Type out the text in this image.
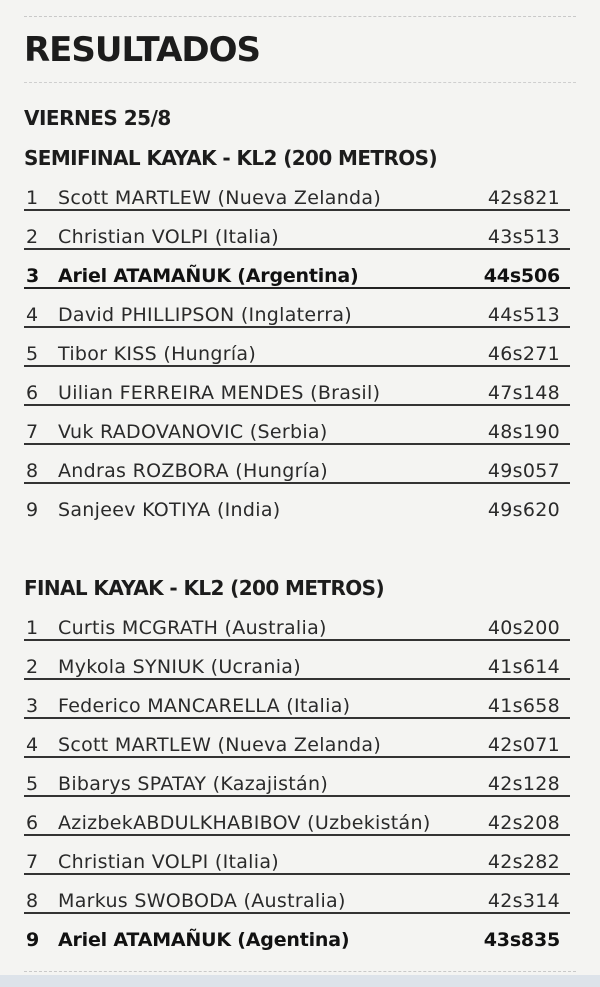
RESULTADOS
VIERNES 25/8
SEMIFINAL KAYAK - KL2 (200 METROS)
1 Scott MARTLEW (Nueva Zelanda)	42s821
2 Christian VOLPI (Italia)	43s513
3 Ariel ATAMAÑUK (Argentina)	44s506
4 David PHILLIPSON (Inglaterra)	44s513
5 Tibor KISS (Hungría)	46s271
6 Uilian FERREIRA MENDES (Brasil)	47s148
7 Vuk RADOVANOVIC (Serbia)	48s190
8 Andras ROZBORA (Hungría)	49s057
9 Sanjeev KOTIYA (India)	49s620
FINAL KAYAK - KL2 (200 METROS)
1 Curtis MCGRATH (Australia)	40s200
2 Mykola SYNIUK (Ucrania)	41s614
3 Federico MANCARELLA (Italia)	41s658
4 Scott MARTLEW (Nueva Zelanda)	42s071
5 Bibarys SPATAY (Kazajistán)	42s128
6 AzizbekABDULKHABIBOV (Uzbekistán)	42s208
7 Christian VOLPI (Italia)	42s282
8 Markus SWOBODA (Australia)	42s314
9 Ariel ATAMAÑUK (Agentina)	43s835
